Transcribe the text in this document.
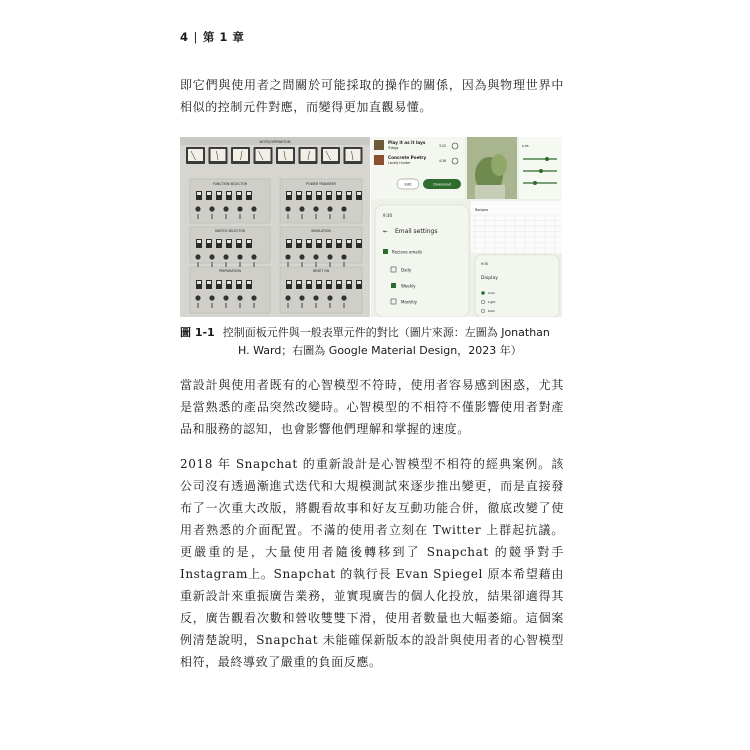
4 | 第 1 章
即它們與使用者之間關於可能採取的操作的關係，因為與物理世界中相似的控制元件對應，而變得更加直觀易懂。
NOTE/OPERATION
FUNCTION SELECTOR	POWER TRANSFER
SWITCH SELECTOR	SIMULATION
PREPARATION	RESET ON
Play it as it lays
Trilogy	3:22
Concrete Poetry
Lonely Hunter	4:36
Edit	Download
0.85
9:30
← Email settings
Recieve emails
Daily
Weekly
Monthly
Recipes
9:30
Display
Auto
Light
Dark
圖 1-1 控制面板元件與一般表單元件的對比（圖片來源：左圖為 Jonathan
H. Ward；右圖為 Google Material Design，2023 年）
當設計與使用者既有的心智模型不符時，使用者容易感到困惑，尤其是當熟悉的產品突然改變時。心智模型的不相符不僅影響使用者對產品和服務的認知，也會影響他們理解和掌握的速度。
2018 年 Snapchat 的重新設計是心智模型不相符的經典案例。該公司沒有透過漸進式迭代和大規模測試來逐步推出變更，而是直接發布了一次重大改版，將觀看故事和好友互動功能合併，徹底改變了使用者熟悉的介面配置。不滿的使用者立刻在 Twitter 上群起抗議。更嚴重的是，大量使用者隨後轉移到了 Snapchat 的競爭對手 Instagram上。Snapchat 的執行長 Evan Spiegel 原本希望藉由重新設計來重振廣告業務，並實現廣告的個人化投放，結果卻適得其反，廣告觀看次數和營收雙雙下滑，使用者數量也大幅萎縮。這個案例清楚說明，Snapchat 未能確保新版本的設計與使用者的心智模型相符，最終導致了嚴重的負面反應。
